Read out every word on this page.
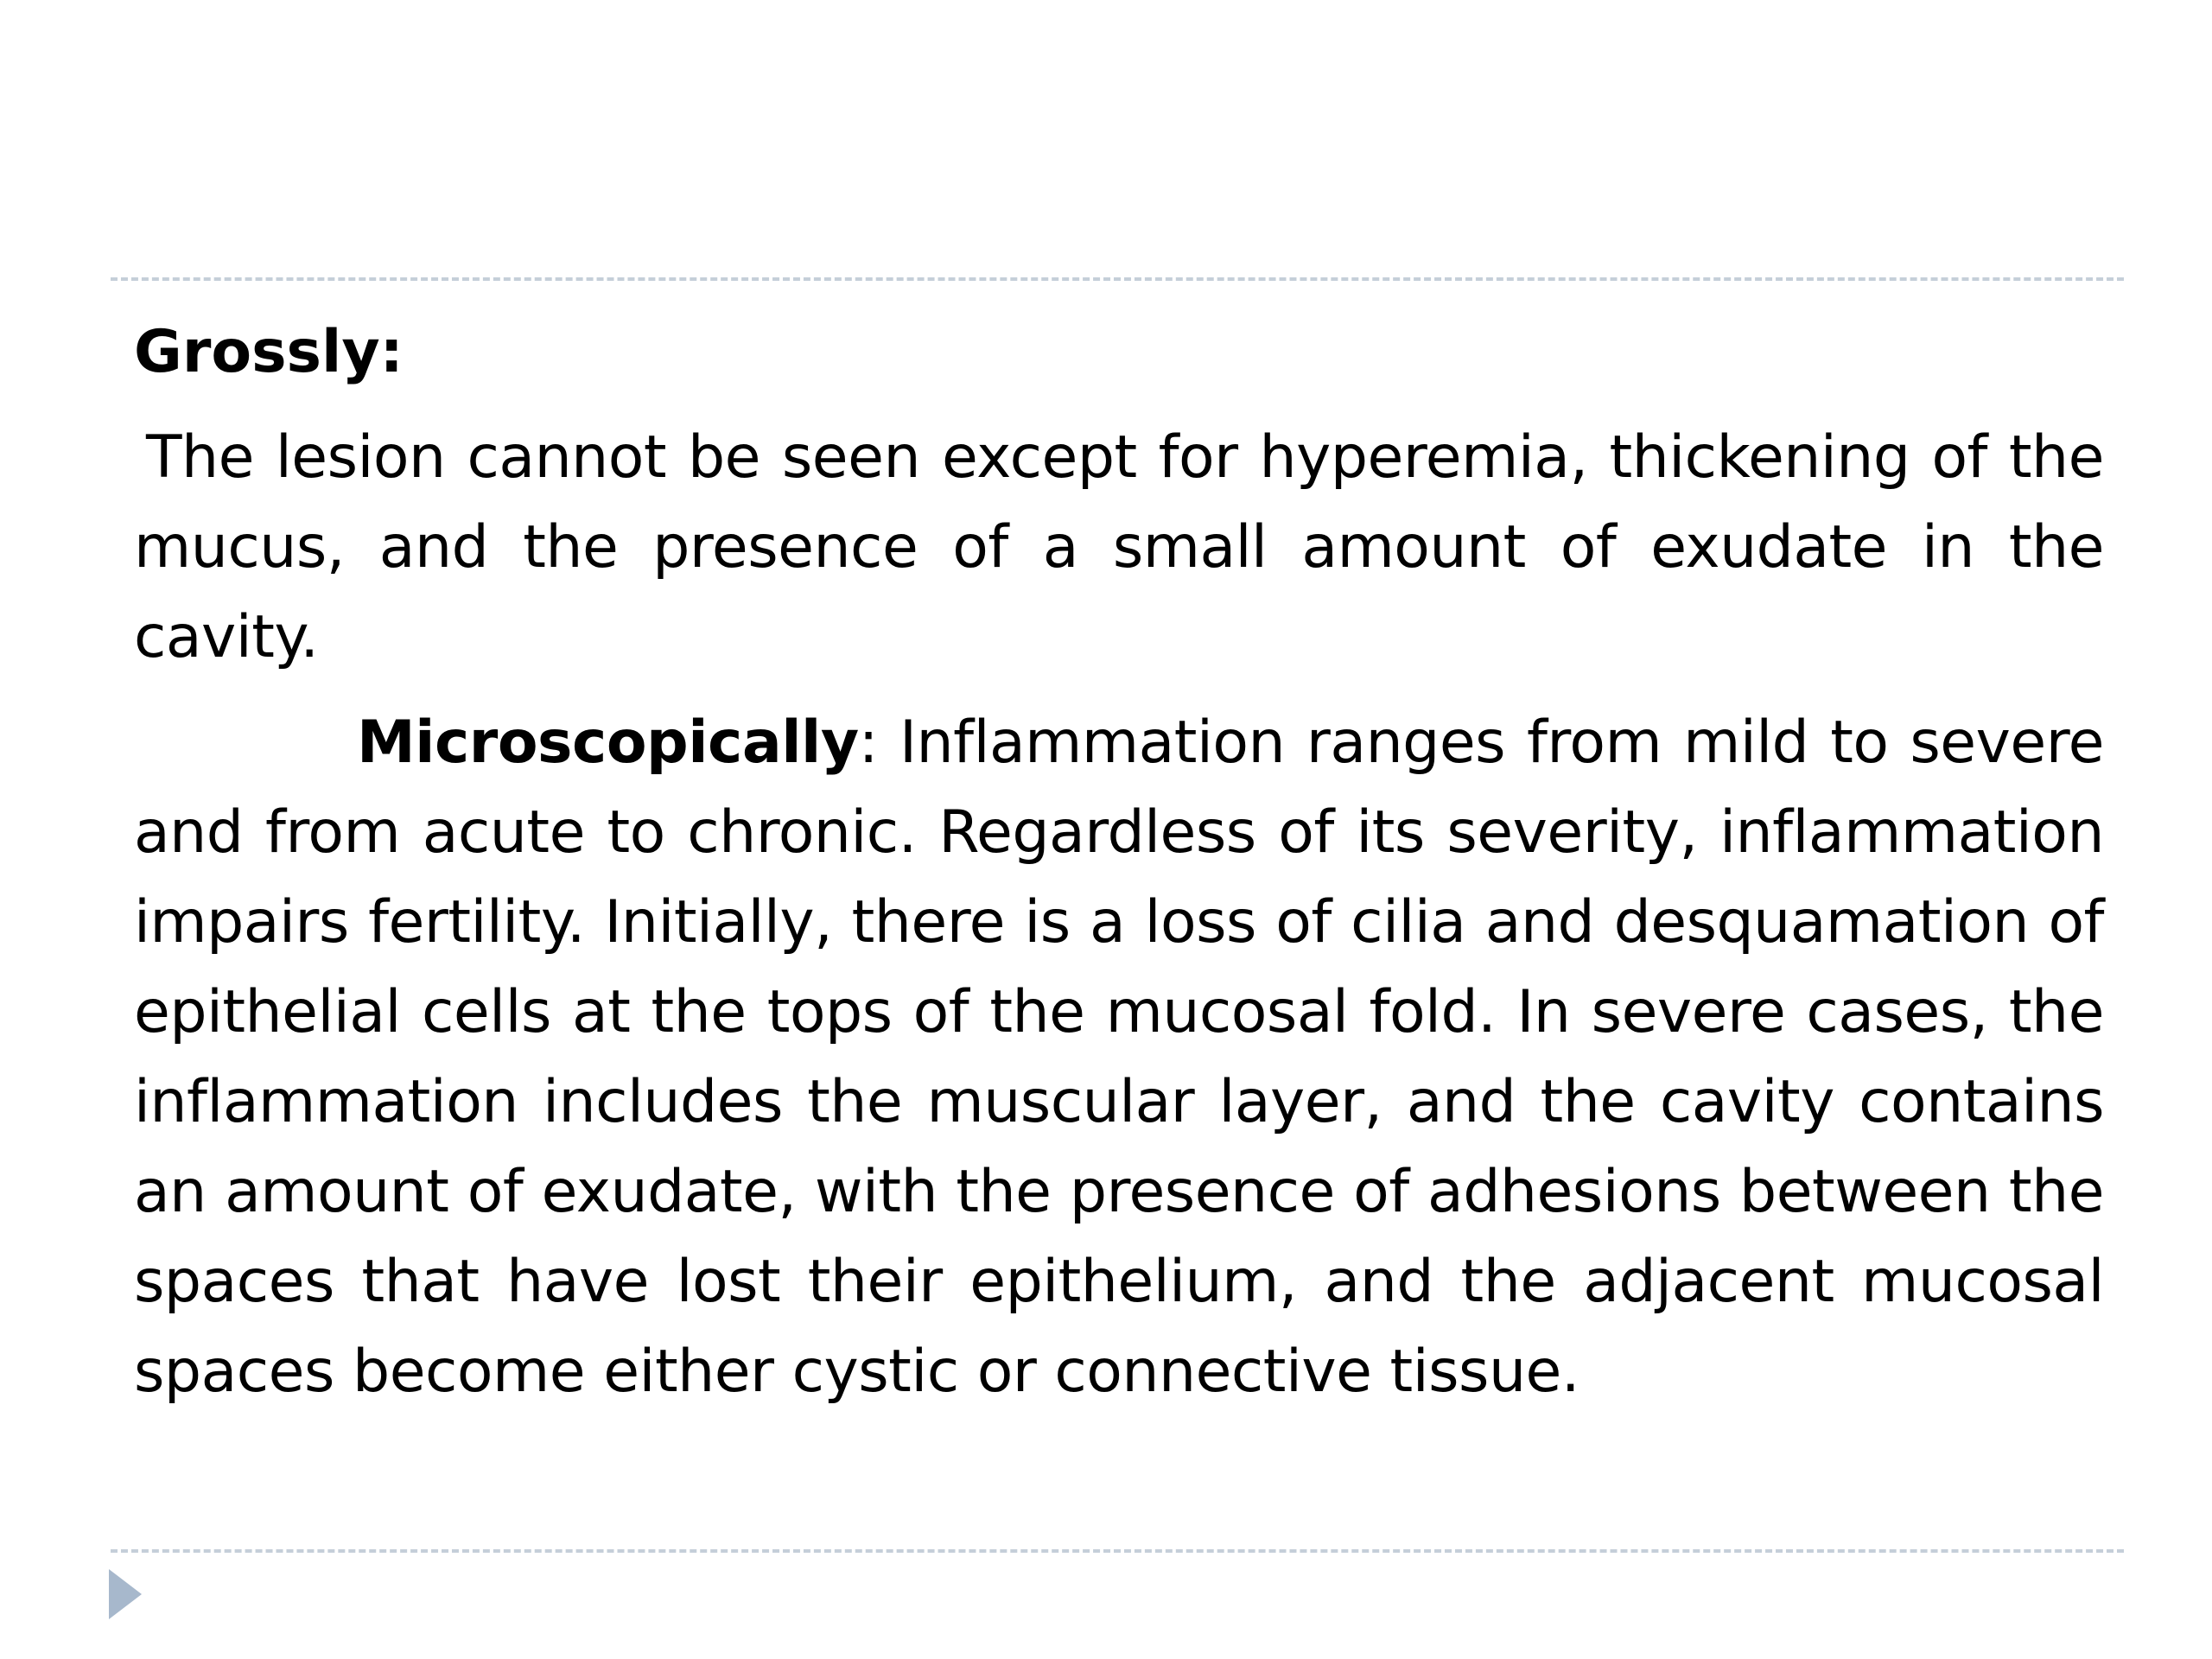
Grossly:

The lesion cannot be seen except for hyperemia, thickening of the mucus, and the presence of a small amount of exudate in the cavity.

Microscopically: Inflammation ranges from mild to severe and from acute to chronic. Regardless of its severity, inflammation impairs fertility. Initially, there is a loss of cilia and desquamation of epithelial cells at the tops of the mucosal fold. In severe cases, the inflammation includes the muscular layer, and the cavity contains an amount of exudate, with the presence of adhesions between the spaces that have lost their epithelium, and the adjacent mucosal spaces become either cystic or connective tissue.
